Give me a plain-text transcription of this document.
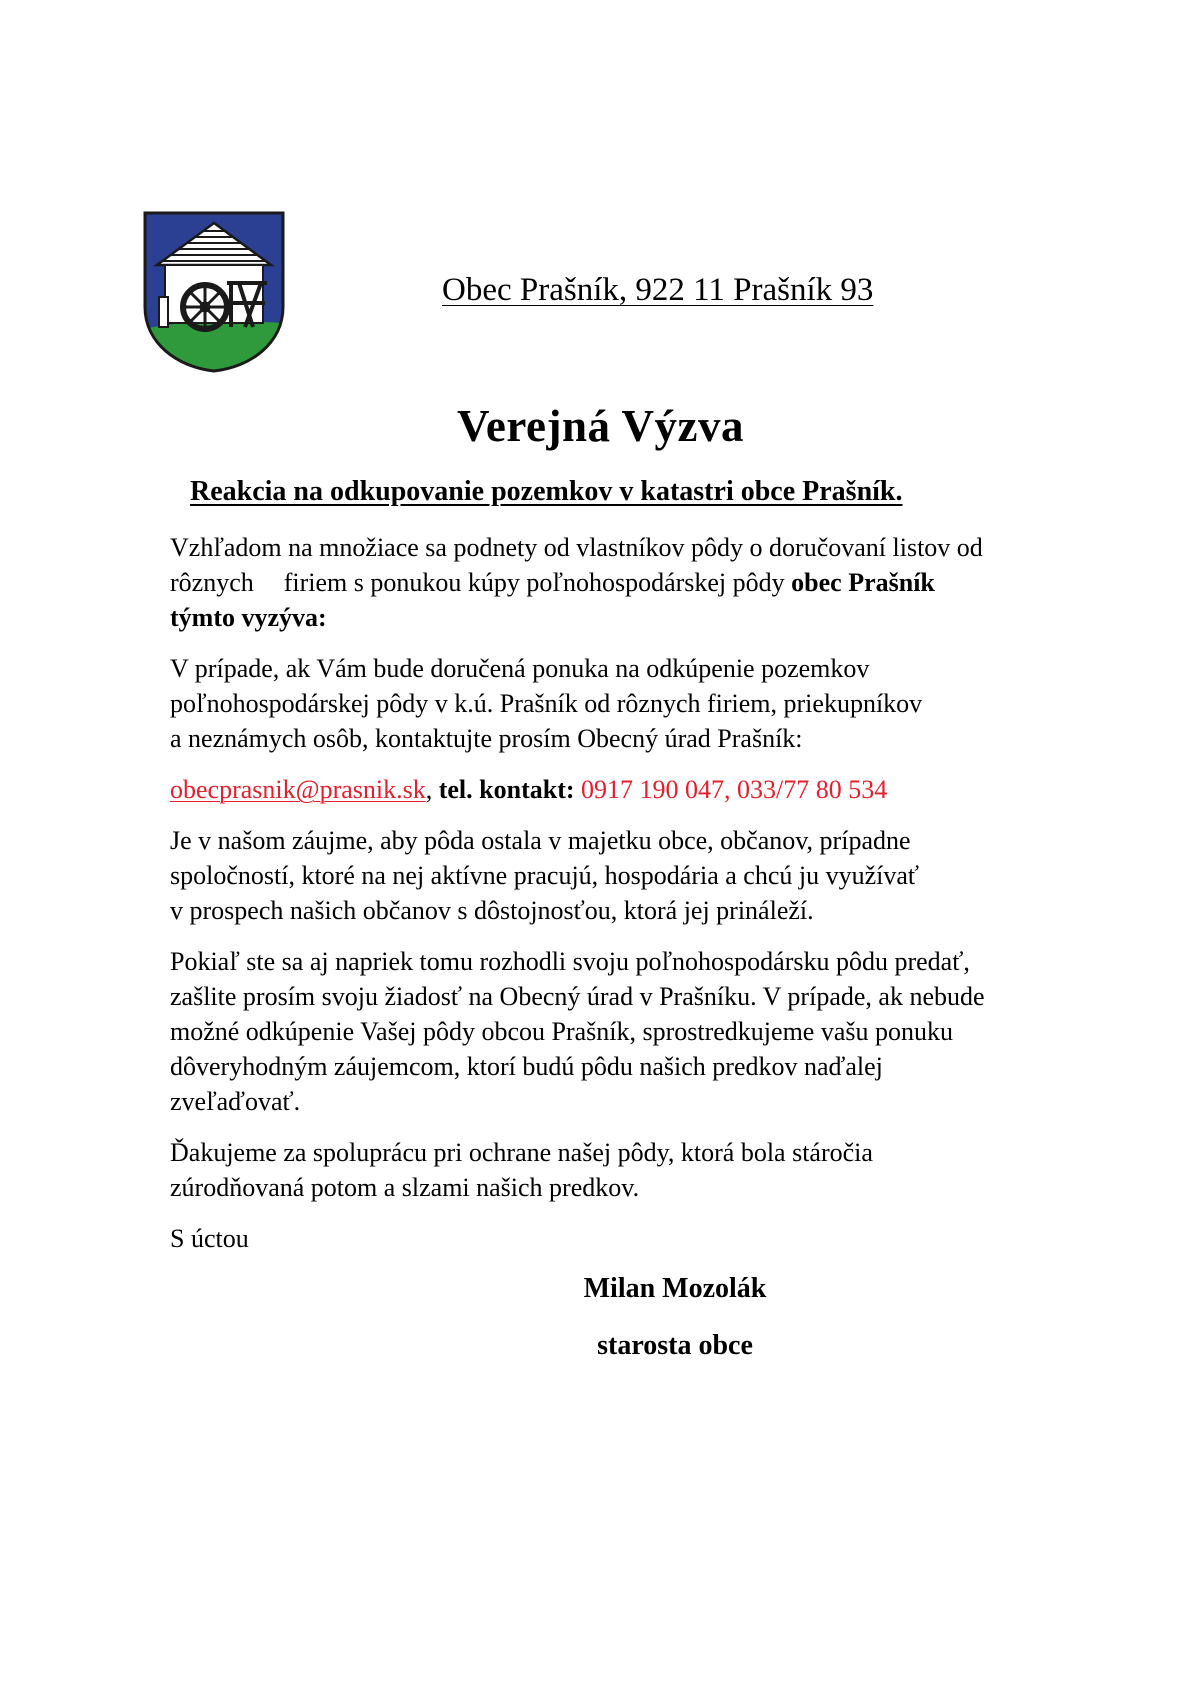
Obec Prašník, 922 11 Prašník 93
Verejná Výzva
Reakcia na odkupovanie pozemkov v katastri obce Prašník.

Vzhľadom na množiace sa podnety od vlastníkov pôdy o doručovaní listov od
rôznych firiem s ponukou kúpy poľnohospodárskej pôdy obec Prašník
týmto vyzýva:

V prípade, ak Vám bude doručená ponuka na odkúpenie pozemkov
poľnohospodárskej pôdy v k.ú. Prašník od rôznych firiem, priekupníkov
a neznámych osôb, kontaktujte prosím Obecný úrad Prašník:

obecprasnik@prasnik.sk, tel. kontakt: 0917 190 047, 033/77 80 534

Je v našom záujme, aby pôda ostala v majetku obce, občanov, prípadne
spoločností, ktoré na nej aktívne pracujú, hospodária a chcú ju využívať
v prospech našich občanov s dôstojnosťou, ktorá jej prináleží.

Pokiaľ ste sa aj napriek tomu rozhodli svoju poľnohospodársku pôdu predať,
zašlite prosím svoju žiadosť na Obecný úrad v Prašníku. V prípade, ak nebude
možné odkúpenie Vašej pôdy obcou Prašník, sprostredkujeme vašu ponuku
dôveryhodným záujemcom, ktorí budú pôdu našich predkov naďalej
zveľaďovať.

Ďakujeme za spoluprácu pri ochrane našej pôdy, ktorá bola stáročia
zúrodňovaná potom a slzami našich predkov.

S úctou

Milan Mozolák
starosta obce
